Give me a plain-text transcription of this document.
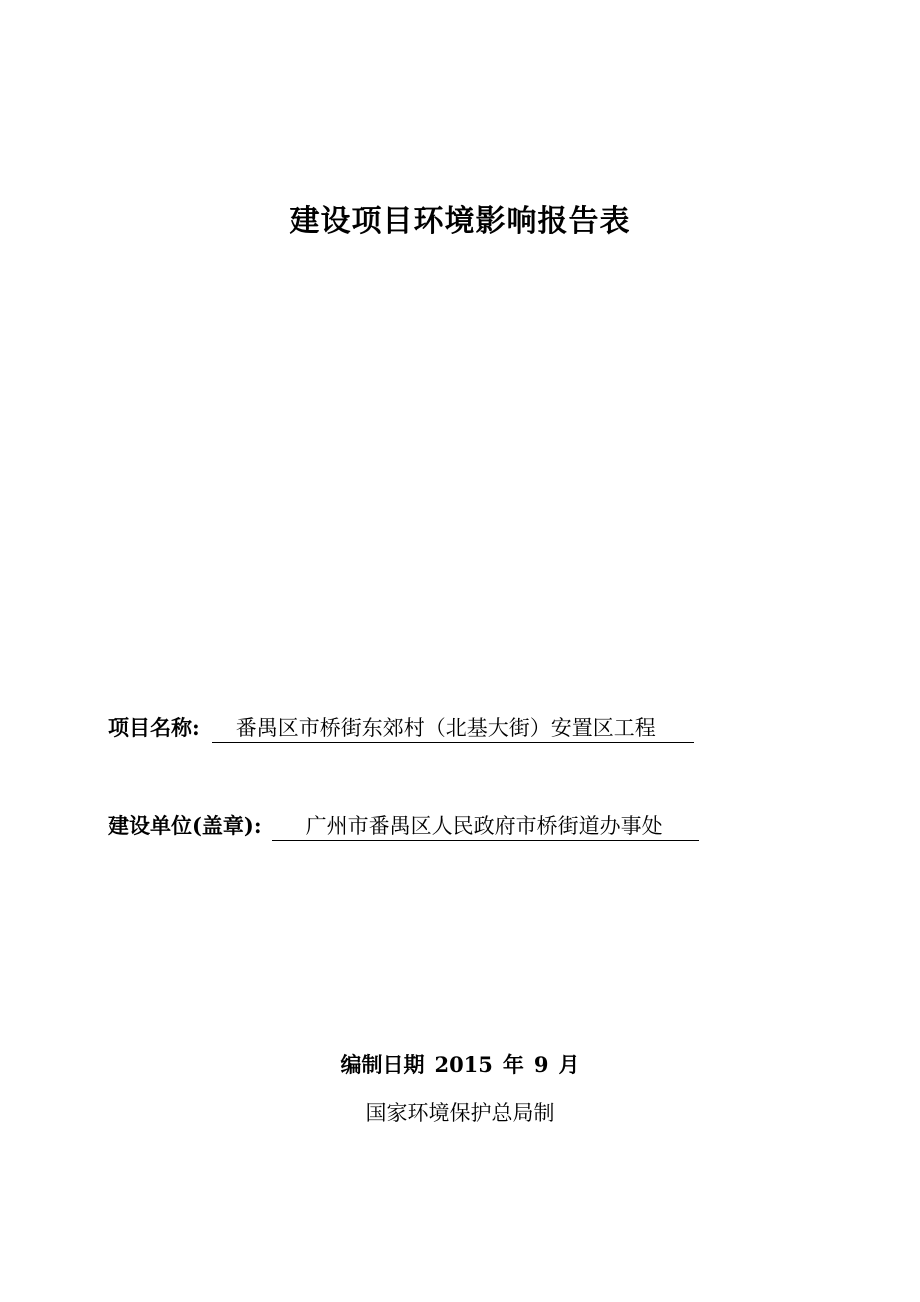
建设项目环境影响报告表
项目名称: 番禺区市桥街东郊村（北基大街）安置区工程
建设单位(盖章): 广州市番禺区人民政府市桥街道办事处
编制日期 2015 年 9 月
国家环境保护总局制
